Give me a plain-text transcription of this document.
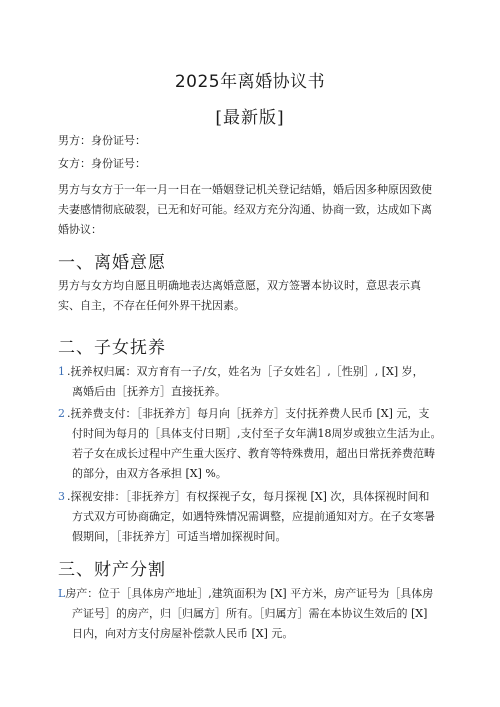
2025年离婚协议书
[最新版]
男方：身份证号：
女方：身份证号：
男方与女方于一年一月一日在一婚姻登记机关登记结婚，婚后因多种原因致使
夫妻感情彻底破裂，已无和好可能。经双方充分沟通、协商一致，达成如下离
婚协议：
一、离婚意愿
男方与女方均自愿且明确地表达离婚意愿，双方签署本协议时，意思表示真
实、自主，不存在任何外界干扰因素。
二、子女抚养
1 .抚养权归属：双方育有一子/女，姓名为［子女姓名］,［性别］, [X] 岁，
离婚后由［抚养方］直接抚养。
2 .抚养费支付：［非抚养方］每月向［抚养方］支付抚养费人民币 [X] 元，支
付时间为每月的［具体支付日期］,支付至子女年满18周岁或独立生活为止。
若子女在成长过程中产生重大医疗、教育等特殊费用，超出日常抚养费范畴
的部分，由双方各承担 [X] %。
3 .探视安排：［非抚养方］有权探视子女，每月探视 [X] 次，具体探视时间和
方式双方可协商确定，如遇特殊情况需调整，应提前通知对方。在子女寒暑
假期间，［非抚养方］可适当增加探视时间。
三、财产分割
L房产：位于［具体房产地址］,建筑面积为 [X] 平方米，房产证号为［具体房
产证号］的房产，归［归属方］所有。［归属方］需在本协议生效后的 [X]
日内，向对方支付房屋补偿款人民币 [X] 元。
